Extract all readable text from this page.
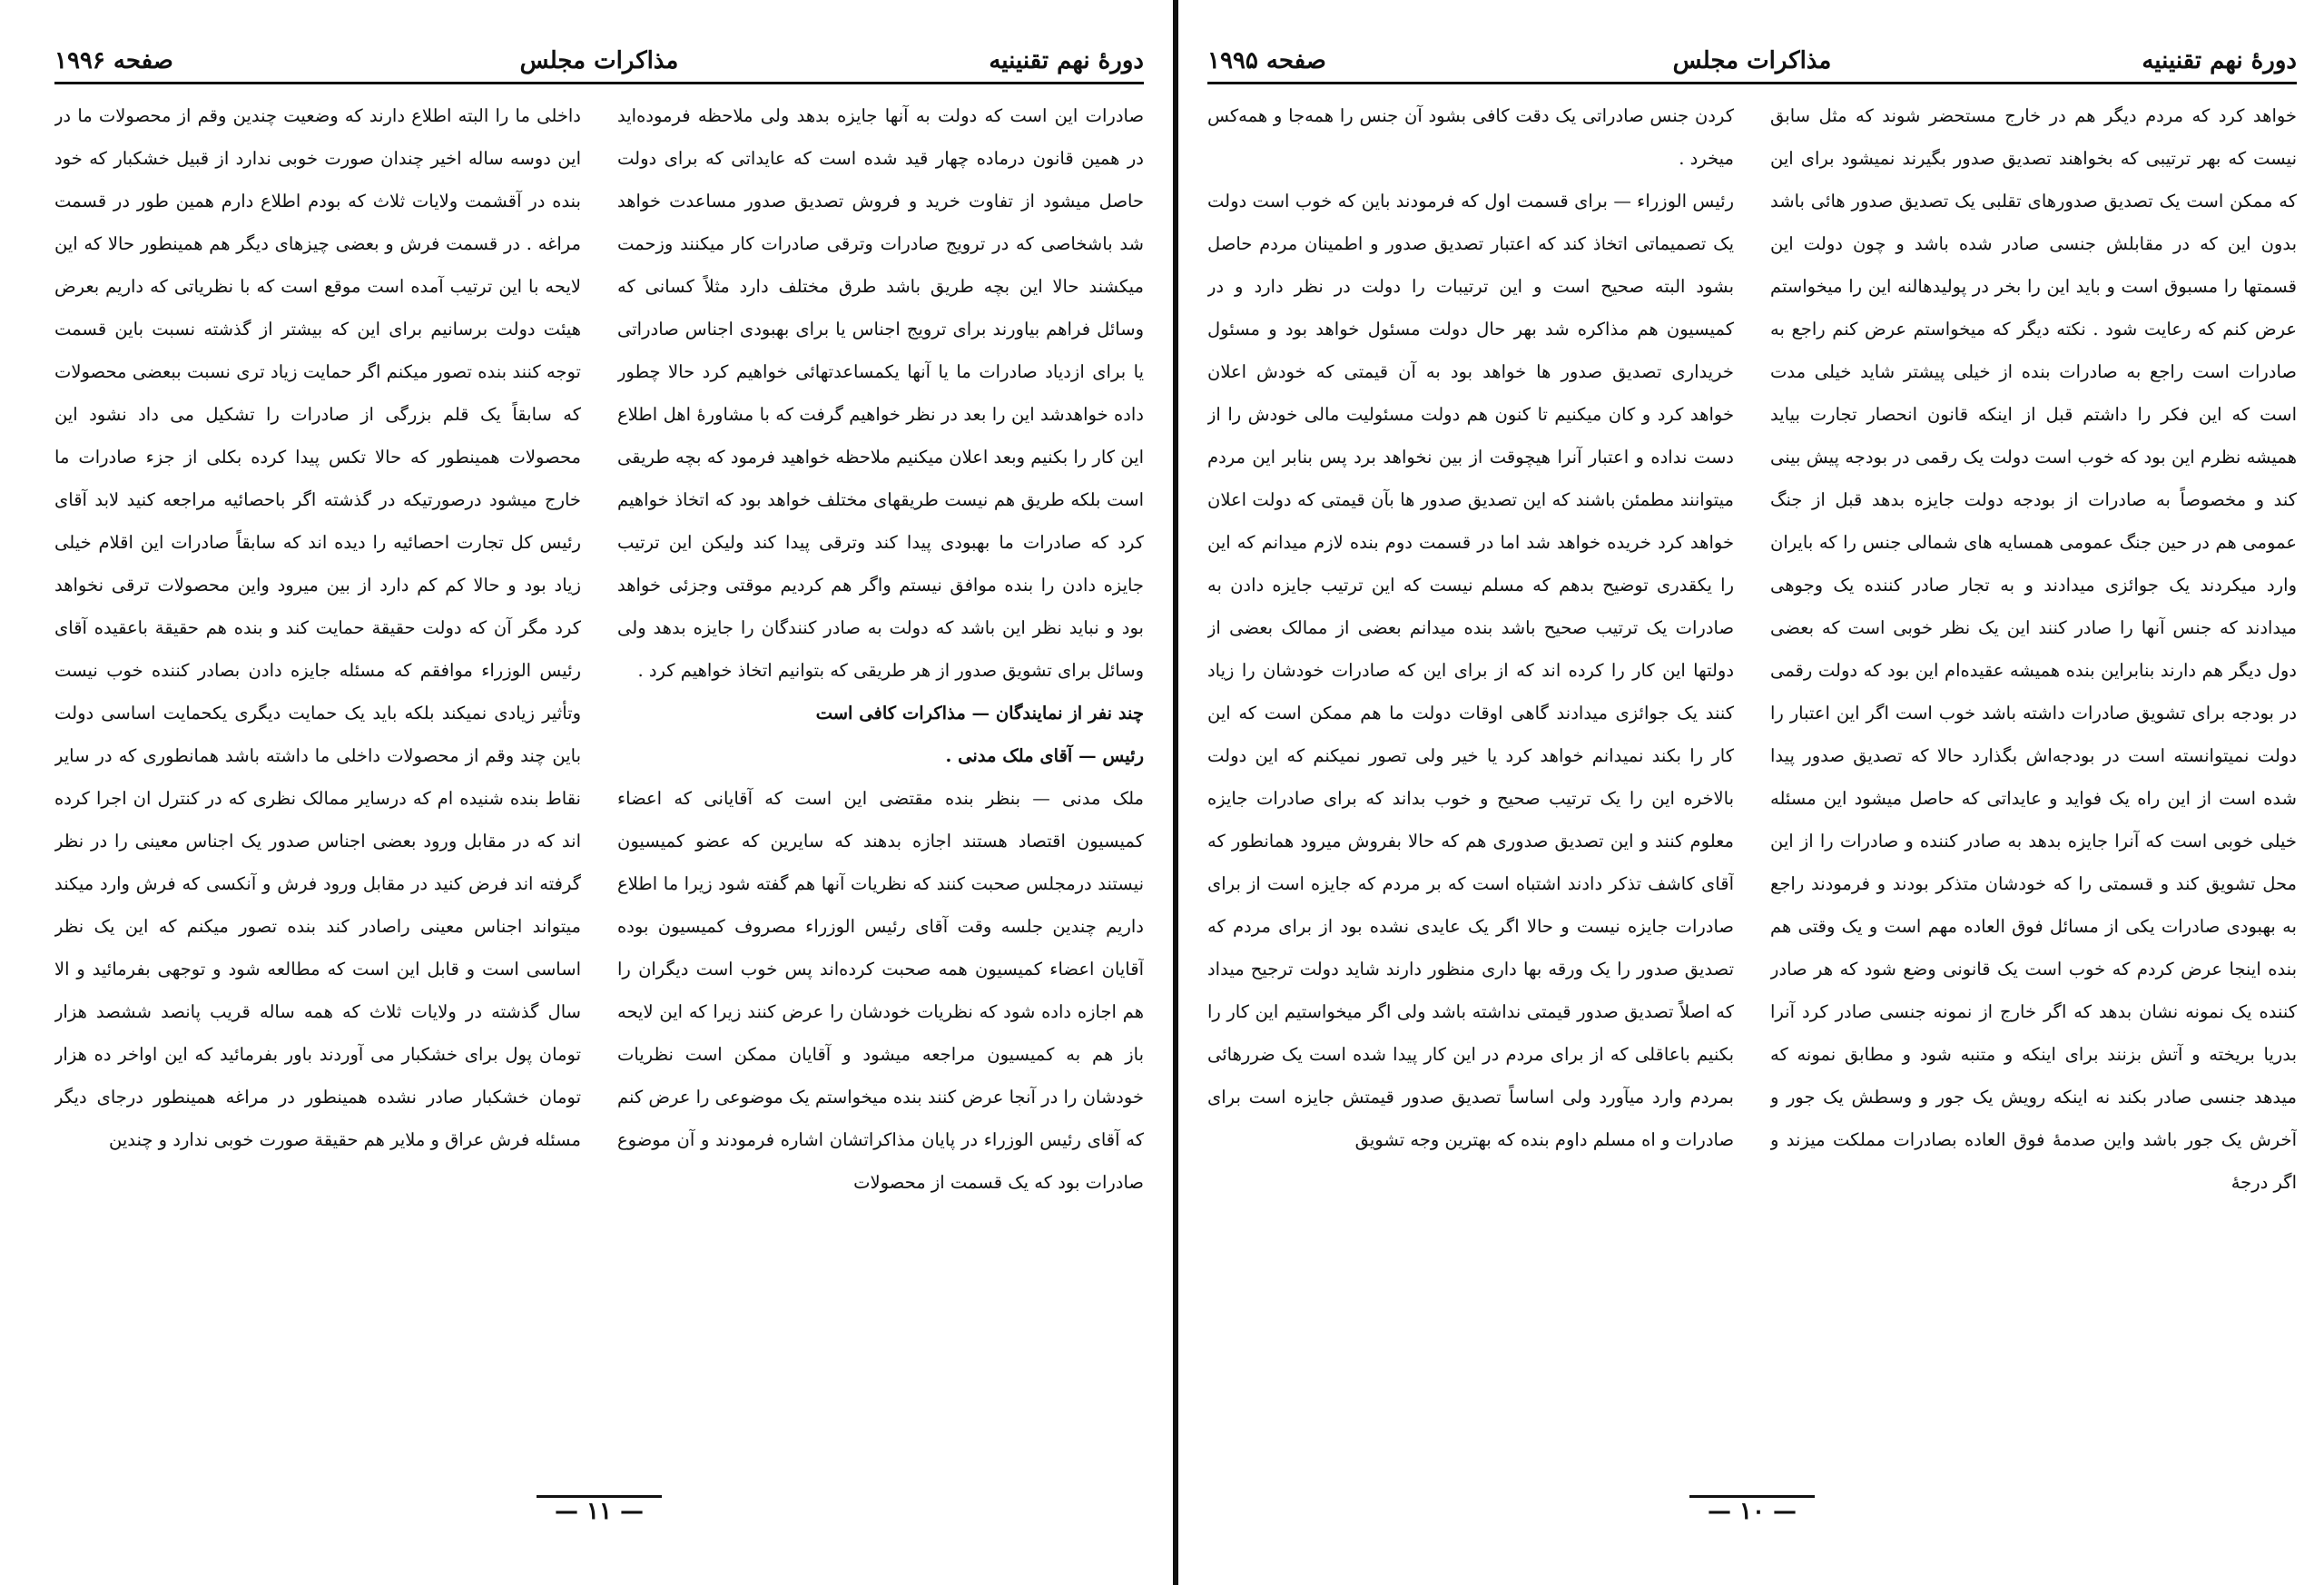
دورهٔ نهم تقنینیه
مذاکرات مجلس
صفحه ۱۹۹۶

صادرات این است که دولت به آنها جایزه بدهد ولی ملاحظه فرموده‌اید در همین قانون درماده چهار قید شده است که عایداتی که برای دولت حاصل میشود از تفاوت خرید و فروش تصدیق صدور مساعدت خواهد شد باشخاصی که در ترویج صادرات وترقی صادرات کار میکنند وزحمت میکشند حالا این بچه طریق باشد طرق مختلف دارد مثلاً کسانی که وسائل فراهم بیاورند برای ترویج اجناس یا برای بهبودی اجناس صادراتی یا برای ازدیاد صادرات ما یا آنها یکمساعدتهائی خواهیم کرد حالا چطور داده خواهدشد این را بعد در نظر خواهیم گرفت که با مشاورهٔ اهل اطلاع این کار را بکنیم وبعد اعلان میکنیم ملاحظه خواهید فرمود که بچه طریقی است بلکه طریق هم نیست طریقهای مختلف خواهد بود که اتخاذ خواهیم کرد که صادرات ما بهبودی پیدا کند وترقی پیدا کند ولیکن این ترتیب جایزه دادن را بنده موافق نیستم واگر هم کردیم موقتی وجزئی خواهد بود و نباید نظر این باشد که دولت به صادر کنندگان را جایزه بدهد ولی وسائل برای تشویق صدور از هر طریقی که بتوانیم اتخاذ خواهیم کرد .

چند نفر از نمایندگان — مذاکرات کافی است

رئیس — آقای ملک مدنی .

ملک مدنی — بنظر بنده مقتضی این است که آقایانی که اعضاء کمیسیون اقتصاد هستند اجازه بدهند که سایرین که عضو کمیسیون نیستند درمجلس صحبت کنند که نظریات آنها هم گفته شود زیرا ما اطلاع داریم چندین جلسه وقت آقای رئیس الوزراء مصروف کمیسیون بوده آقایان اعضاء کمیسیون همه صحبت کرده‌اند پس خوب است دیگران را هم اجازه داده شود که نظریات خودشان را عرض کنند زیرا که این لایحه باز هم به کمیسیون مراجعه میشود و آقایان ممکن است نظریات خودشان را در آنجا عرض کنند بنده میخواستم یک موضوعی را عرض کنم که آقای رئیس الوزراء در پایان مذاکراتشان اشاره فرمودند و آن موضوع صادرات بود که یک قسمت از محصولات

داخلی ما را البته اطلاع دارند که وضعیت چندین وقم از محصولات ما در این دوسه ساله اخیر چندان صورت خوبی ندارد از قبیل خشکبار که خود بنده در آقشمت ولایات ثلاث که بودم اطلاع دارم همین طور در قسمت مراغه . در قسمت فرش و بعضی چیزهای دیگر هم همینطور حالا که این لایحه با این ترتیب آمده است موقع است که با نظریاتی که داریم بعرض هیئت دولت برسانیم برای این که بیشتر از گذشته نسبت باین قسمت توجه کنند بنده تصور میکنم اگر حمایت زیاد تری نسبت ببعضی محصولات که سابقاً یک قلم بزرگی از صادرات را تشکیل می داد نشود این محصولات همینطور که حالا تکس پیدا کرده بکلی از جزء صادرات ما خارج میشود درصورتیکه در گذشته اگر باحصائیه مراجعه کنید لابد آقای رئیس کل تجارت احصائیه را دیده اند که سابقاً صادرات این اقلام خیلی زیاد بود و حالا کم کم دارد از بین میرود واین محصولات ترقی نخواهد کرد مگر آن که دولت حقیقة حمایت کند و بنده هم حقیقة باعقیده آقای رئیس الوزراء موافقم که مسئله جایزه دادن بصادر کننده خوب نیست وتأثیر زیادی نمیکند بلکه باید یک حمایت دیگری یکحمایت اساسی دولت باین چند وقم از محصولات داخلی ما داشته باشد همانطوری که در سایر نقاط بنده شنیده ام که درسایر ممالک نظری که در کنترل ان اجرا کرده اند که در مقابل ورود بعضی اجناس صدور یک اجناس معینی را در نظر گرفته اند فرض کنید در مقابل ورود فرش و آنکسی که فرش وارد میکند میتواند اجناس معینی راصادر کند بنده تصور میکنم که این یک نظر اساسی است و قابل این است که مطالعه شود و توجهی بفرمائید و الا سال گذشته در ولایات ثلاث که همه ساله قریب پانصد ششصد هزار تومان پول برای خشکبار می آوردند باور بفرمائید که این اواخر ده هزار تومان خشکبار صادر نشده همینطور در مراغه همینطور درجای دیگر مسئله فرش عراق و ملایر هم حقیقة صورت خوبی ندارد و چندین

— ۱۱ —
دورهٔ نهم تقنینیه
مذاکرات مجلس
صفحه ۱۹۹۵

خواهد کرد که مردم دیگر هم در خارج مستحضر شوند که مثل سابق نیست که بهر ترتیبی که بخواهند تصدیق صدور بگیرند نمیشود برای این که ممکن است یک تصدیق صدورهای تقلبی یک تصدیق صدور هائی باشد بدون این که در مقابلش جنسی صادر شده باشد و چون دولت این قسمتها را مسبوق است و باید این را بخر در پولیدهالنه این را میخواستم عرض کنم که رعایت شود . نکته دیگر که میخواستم عرض کنم راجع به صادرات است راجع به صادرات بنده از خیلی پیشتر شاید خیلی مدت است که این فکر را داشتم قبل از اینکه قانون انحصار تجارت بیاید همیشه نظرم این بود که خوب است دولت یک رقمی در بودجه پیش بینی کند و مخصوصاً به صادرات از بودجه دولت جایزه بدهد قبل از جنگ عمومی هم در حین جنگ عمومی همسایه های شمالی جنس را که بایران وارد میکردند یک جوائزی میدادند و به تجار صادر کننده یک وجوهی میدادند که جنس آنها را صادر کنند این یک نظر خوبی است که بعضی دول دیگر هم دارند بنابراین بنده همیشه عقیده‌ام این بود که دولت رقمی در بودجه برای تشویق صادرات داشته باشد خوب است اگر این اعتبار را دولت نمیتوانسته است در بودجه‌اش بگذارد حالا که تصدیق صدور پیدا شده است از این راه یک فواید و عایداتی که حاصل میشود این مسئله خیلی خوبی است که آنرا جایزه بدهد به صادر کننده و صادرات را از این محل تشویق کند و قسمتی را که خودشان متذکر بودند و فرمودند راجع به بهبودی صادرات یکی از مسائل فوق العاده مهم است و یک وقتی هم بنده اینجا عرض کردم که خوب است یک قانونی وضع شود که هر صادر کننده یک نمونه نشان بدهد که اگر خارج از نمونه جنسی صادر کرد آنرا بدریا بریخته و آتش بزنند برای اینکه و متنبه شود و مطابق نمونه که میدهد جنسی صادر بکند نه اینکه رویش یک جور و وسطش یک جور و آخرش یک جور باشد واین صدمهٔ فوق العاده بصادرات مملکت میزند و اگر درجهٔ

کردن جنس صادراتی یک دقت کافی بشود آن جنس را همه‌جا و همه‌کس میخرد .

رئیس الوزراء — برای قسمت اول که فرمودند باین که خوب است دولت یک تصمیماتی اتخاذ کند که اعتبار تصدیق صدور و اطمینان مردم حاصل بشود البته صحیح است و این ترتیبات را دولت در نظر دارد و در کمیسیون هم مذاکره شد بهر حال دولت مسئول خواهد بود و مسئول خریداری تصدیق صدور ها خواهد بود به آن قیمتی که خودش اعلان خواهد کرد و کان میکنیم تا کنون هم دولت مسئولیت مالی خودش را از دست نداده و اعتبار آنرا هیچوقت از بین نخواهد برد پس بنابر این مردم میتوانند مطمئن باشند که این تصدیق صدور ها بآن قیمتی که دولت اعلان خواهد کرد خریده خواهد شد اما در قسمت دوم بنده لازم میدانم که این را یکقدری توضیح بدهم که مسلم نیست که این ترتیب جایزه دادن به صادرات یک ترتیب صحیح باشد بنده میدانم بعضی از ممالک بعضی از دولتها این کار را کرده اند که از برای این که صادرات خودشان را زیاد کنند یک جوائزی میدادند گاهی اوقات دولت ما هم ممکن است که این کار را بکند نمیدانم خواهد کرد یا خیر ولی تصور نمیکنم که این دولت بالاخره این را یک ترتیب صحیح و خوب بداند که برای صادرات جایزه معلوم کنند و این تصدیق صدوری هم که حالا بفروش میرود همانطور که آقای کاشف تذکر دادند اشتباه است که بر مردم که جایزه است از برای صادرات جایزه نیست و حالا اگر یک عایدی نشده بود از برای مردم که تصدیق صدور را یک ورقه بها داری منظور دارند شاید دولت ترجیح میداد که اصلاً تصدیق صدور قیمتی نداشته باشد ولی اگر میخواستیم این کار را بکنیم باعاقلی که از برای مردم در این کار پیدا شده است یک ضررهائی بمردم وارد میآورد ولی اساساً تصدیق صدور قیمتش جایزه است برای صادرات و اه مسلم داوم بنده که بهترین وجه تشویق

— ۱۰ —
